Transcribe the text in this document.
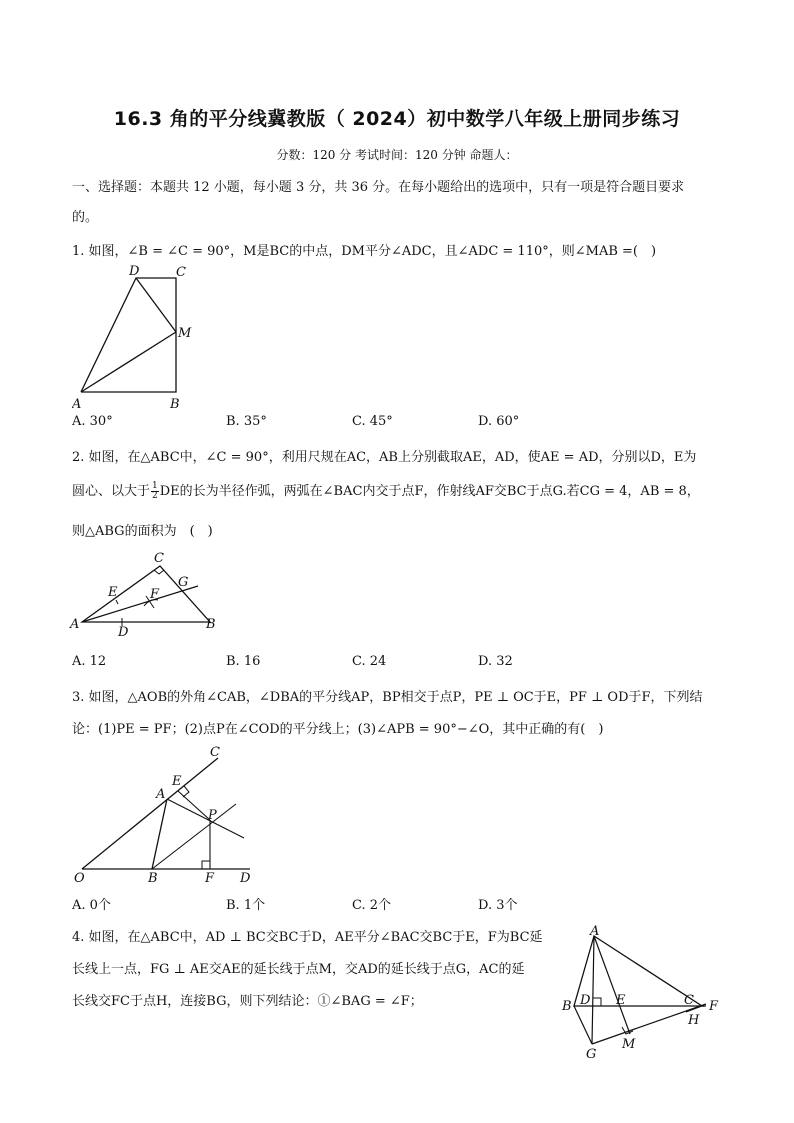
16.3 角的平分线冀教版（ 2024）初中数学八年级上册同步练习
分数：120 分 考试时间：120 分钟 命题人：
一、选择题：本题共 12 小题，每小题 3 分，共 36 分。在每小题给出的选项中，只有一项是符合题目要求
的。
1. 如图，∠B = ∠C = 90°，M是BC的中点，DM平分∠ADC，且∠ADC = 110°，则∠MAB =(　)
A	B
C
D
M
A. 30°	B. 35°	C. 45°	D. 60°
2. 如图，在△ABC中，∠C = 90°，利用尺规在AC，AB上分别截取AE，AD，使AE = AD，分别以D，E为
圆心、以大于 $\frac{1}{2}$ DE的长为半径作弧，两弧在∠BAC内交于点F，作射线AF交BC于点G.若CG = 4，AB = 8，
则△ABG的面积为　(　)
A	B
C
D
E	F
G
A. 12	B. 16	C. 24	D. 32
3. 如图，△AOB的外角∠CAB，∠DBA的平分线AP，BP相交于点P，PE ⊥ OC于E，PF ⊥ OD于F，下列结
论：(1)PE = PF；(2)点P在∠COD的平分线上；(3)∠APB = 90°−∠O，其中正确的有(　)
O
A
B
C
D
E
F
P
A. 0个	B. 1个	C. 2个	D. 3个
4. 如图，在△ABC中，AD ⊥ BC交BC于D，AE平分∠BAC交BC于E，F为BC延
长线上一点，FG ⊥ AE交AE的延长线于点M，交AD的延长线于点G，AC的延
长线交FC于点H，连接BG，则下列结论：①∠BAG = ∠F；
A
B	C
D E	F
G
H
M
